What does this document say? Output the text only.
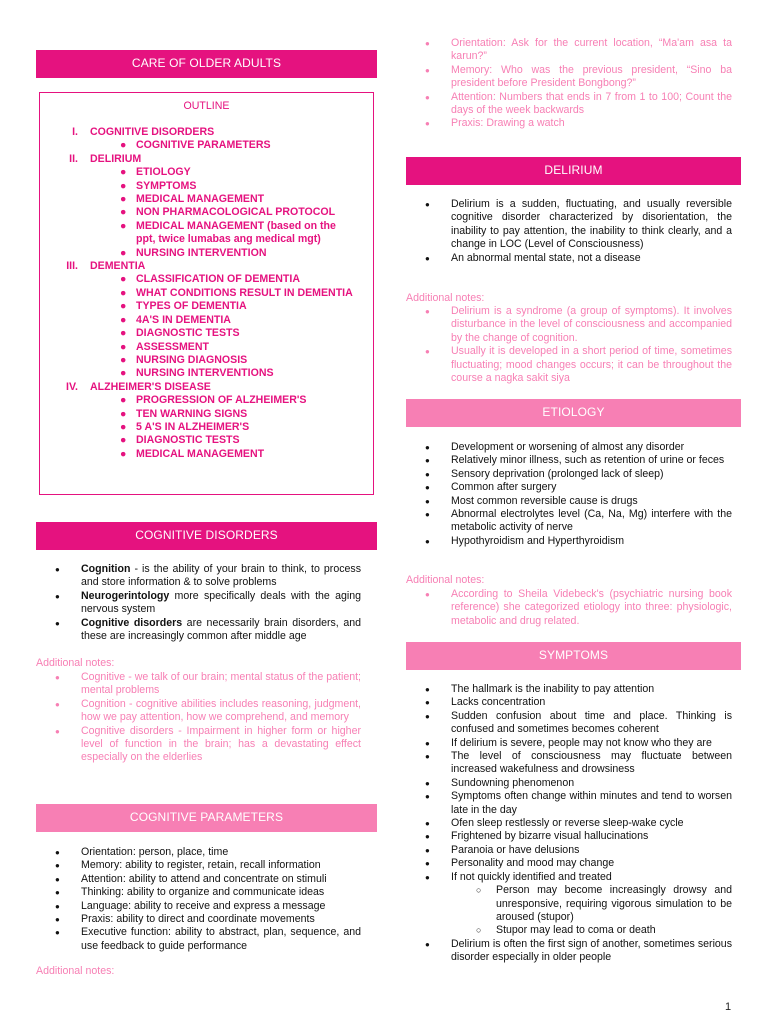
CARE OF OLDER ADULTS
OUTLINE
I.	COGNITIVE DISORDERS
● COGNITIVE PARAMETERS
II.	DELIRIUM
● ETIOLOGY
● SYMPTOMS
● MEDICAL MANAGEMENT
● NON PHARMACOLOGICAL PROTOCOL
● MEDICAL MANAGEMENT (based on the ppt, twice lumabas ang medical mgt)
● NURSING INTERVENTION
III.	DEMENTIA
● CLASSIFICATION OF DEMENTIA
● WHAT CONDITIONS RESULT IN DEMENTIA
● TYPES OF DEMENTIA
● 4A'S IN DEMENTIA
● DIAGNOSTIC TESTS
● ASSESSMENT
● NURSING DIAGNOSIS
● NURSING INTERVENTIONS
IV.	ALZHEIMER'S DISEASE
● PROGRESSION OF ALZHEIMER'S
● TEN WARNING SIGNS
● 5 A'S IN ALZHEIMER'S
● DIAGNOSTIC TESTS
● MEDICAL MANAGEMENT
COGNITIVE DISORDERS
● Cognition - is the ability of your brain to think, to process and store information & to solve problems
● Neurogerintology more specifically deals with the aging nervous system
● Cognitive disorders are necessarily brain disorders, and these are increasingly common after middle age
Additional notes:
● Cognitive - we talk of our brain; mental status of the patient; mental problems
● Cognition - cognitive abilities includes reasoning, judgment, how we pay attention, how we comprehend, and memory
● Cognitive disorders - Impairment in higher form or higher level of function in the brain; has a devastating effect especially on the elderlies
COGNITIVE PARAMETERS
● Orientation: person, place, time
● Memory: ability to register, retain, recall information
● Attention: ability to attend and concentrate on stimuli
● Thinking: ability to organize and communicate ideas
● Language: ability to receive and express a message
● Praxis: ability to direct and coordinate movements
● Executive function: ability to abstract, plan, sequence, and use feedback to guide performance
Additional notes:
● Orientation: Ask for the current location, “Ma'am asa ta karun?”
● Memory: Who was the previous president, “Sino ba president before President Bongbong?”
● Attention: Numbers that ends in 7 from 1 to 100; Count the days of the week backwards
● Praxis: Drawing a watch
DELIRIUM
● Delirium is a sudden, fluctuating, and usually reversible cognitive disorder characterized by disorientation, the inability to pay attention, the inability to think clearly, and a change in LOC (Level of Consciousness)
● An abnormal mental state, not a disease
Additional notes:
● Delirium is a syndrome (a group of symptoms). It involves disturbance in the level of consciousness and accompanied by the change of cognition.
● Usually it is developed in a short period of time, sometimes fluctuating; mood changes occurs; it can be throughout the course a nagka sakit siya
ETIOLOGY
● Development or worsening of almost any disorder
● Relatively minor illness, such as retention of urine or feces
● Sensory deprivation (prolonged lack of sleep)
● Common after surgery
● Most common reversible cause is drugs
● Abnormal electrolytes level (Ca, Na, Mg) interfere with the metabolic activity of nerve
● Hypothyroidism and Hyperthyroidism
Additional notes:
● According to Sheila Videbeck's (psychiatric nursing book reference) she categorized etiology into three: physiologic, metabolic and drug related.
SYMPTOMS
● The hallmark is the inability to pay attention
● Lacks concentration
● Sudden confusion about time and place. Thinking is confused and sometimes becomes coherent
● If delirium is severe, people may not know who they are
● The level of consciousness may fluctuate between increased wakefulness and drowsiness
● Sundowning phenomenon
● Symptoms often change within minutes and tend to worsen late in the day
● Ofen sleep restlessly or reverse sleep-wake cycle
● Frightened by bizarre visual hallucinations
● Paranoia or have delusions
● Personality and mood may change
● If not quickly identified and treated
○ Person may become increasingly drowsy and unresponsive, requiring vigorous simulation to be aroused (stupor)
○ Stupor may lead to coma or death
● Delirium is often the first sign of another, sometimes serious disorder especially in older people
1
